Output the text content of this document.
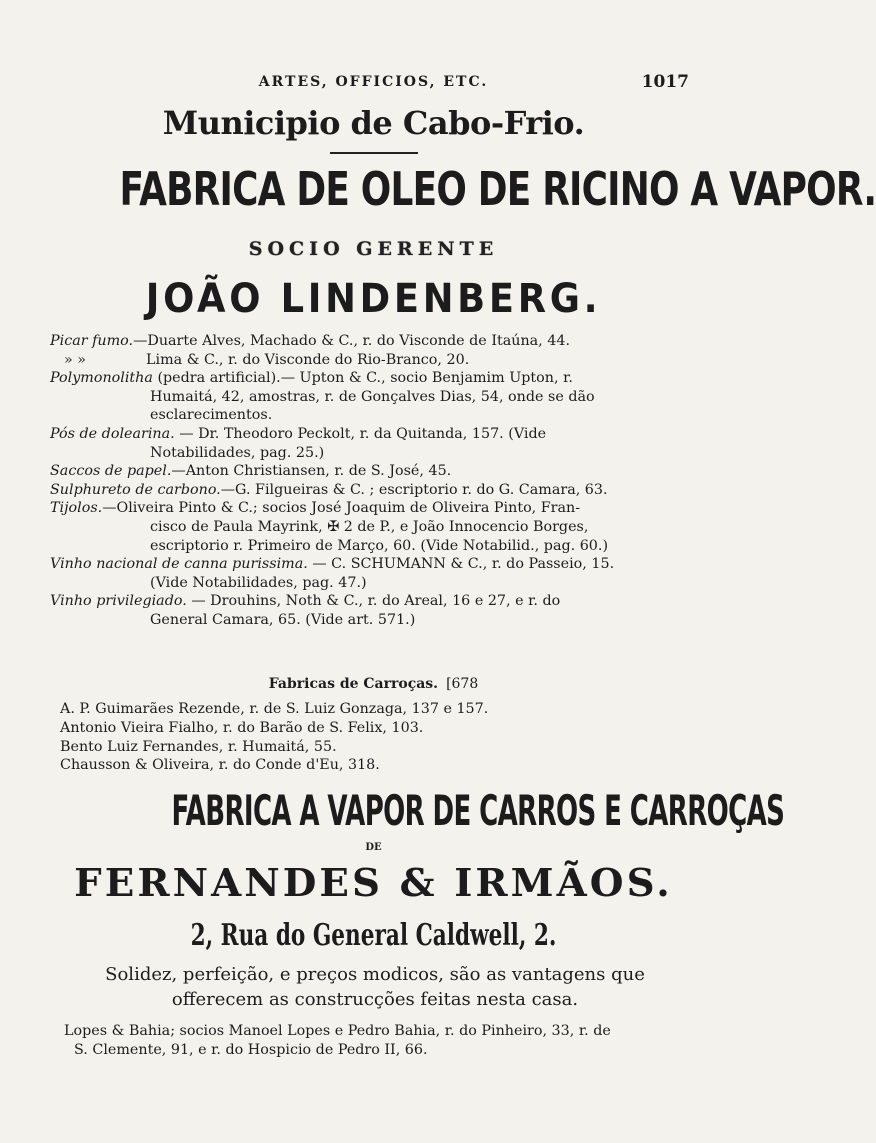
ARTES, OFFICIOS, ETC.	1017
Municipio de Cabo-Frio.
FABRICA DE OLEO DE RICINO A VAPOR.
SOCIO GERENTE
JOÃO LINDENBERG.
Picar fumo.—Duarte Alves, Machado & C., r. do Visconde de Itaúna, 44.
» »	Lima & C., r. do Visconde do Rio-Branco, 20.
Polymonolitha (pedra artificial).— Upton & C., socio Benjamim Upton, r.
Humaitá, 42, amostras, r. de Gonçalves Dias, 54, onde se dão
esclarecimentos.
Pós de dolearina. — Dr. Theodoro Peckolt, r. da Quitanda, 157. (Vide
Notabilidades, pag. 25.)
Saccos de papel.—Anton Christiansen, r. de S. José, 45.
Sulphureto de carbono.—G. Filgueiras & C. ; escriptorio r. do G. Camara, 63.
Tijolos.—Oliveira Pinto & C.; socios José Joaquim de Oliveira Pinto, Fran-
cisco de Paula Mayrink, ✠ 2 de P., e João Innocencio Borges,
escriptorio r. Primeiro de Março, 60. (Vide Notabilid., pag. 60.)
Vinho nacional de canna purissima. — C. SCHUMANN & C., r. do Passeio, 15.
(Vide Notabilidades, pag. 47.)
Vinho privilegiado. — Drouhins, Noth & C., r. do Areal, 16 e 27, e r. do
General Camara, 65. (Vide art. 571.)
Fabricas de Carroças. [678
A. P. Guimarães Rezende, r. de S. Luiz Gonzaga, 137 e 157.
Antonio Vieira Fialho, r. do Barão de S. Felix, 103.
Bento Luiz Fernandes, r. Humaitá, 55.
Chausson & Oliveira, r. do Conde d'Eu, 318.
FABRICA A VAPOR DE CARROS E CARROÇAS
DE
FERNANDES & IRMÃOS.
2, Rua do General Caldwell, 2.
Solidez, perfeição, e preços modicos, são as vantagens que
offerecem as construcções feitas nesta casa.
Lopes & Bahia; socios Manoel Lopes e Pedro Bahia, r. do Pinheiro, 33, r. de
S. Clemente, 91, e r. do Hospicio de Pedro II, 66.
